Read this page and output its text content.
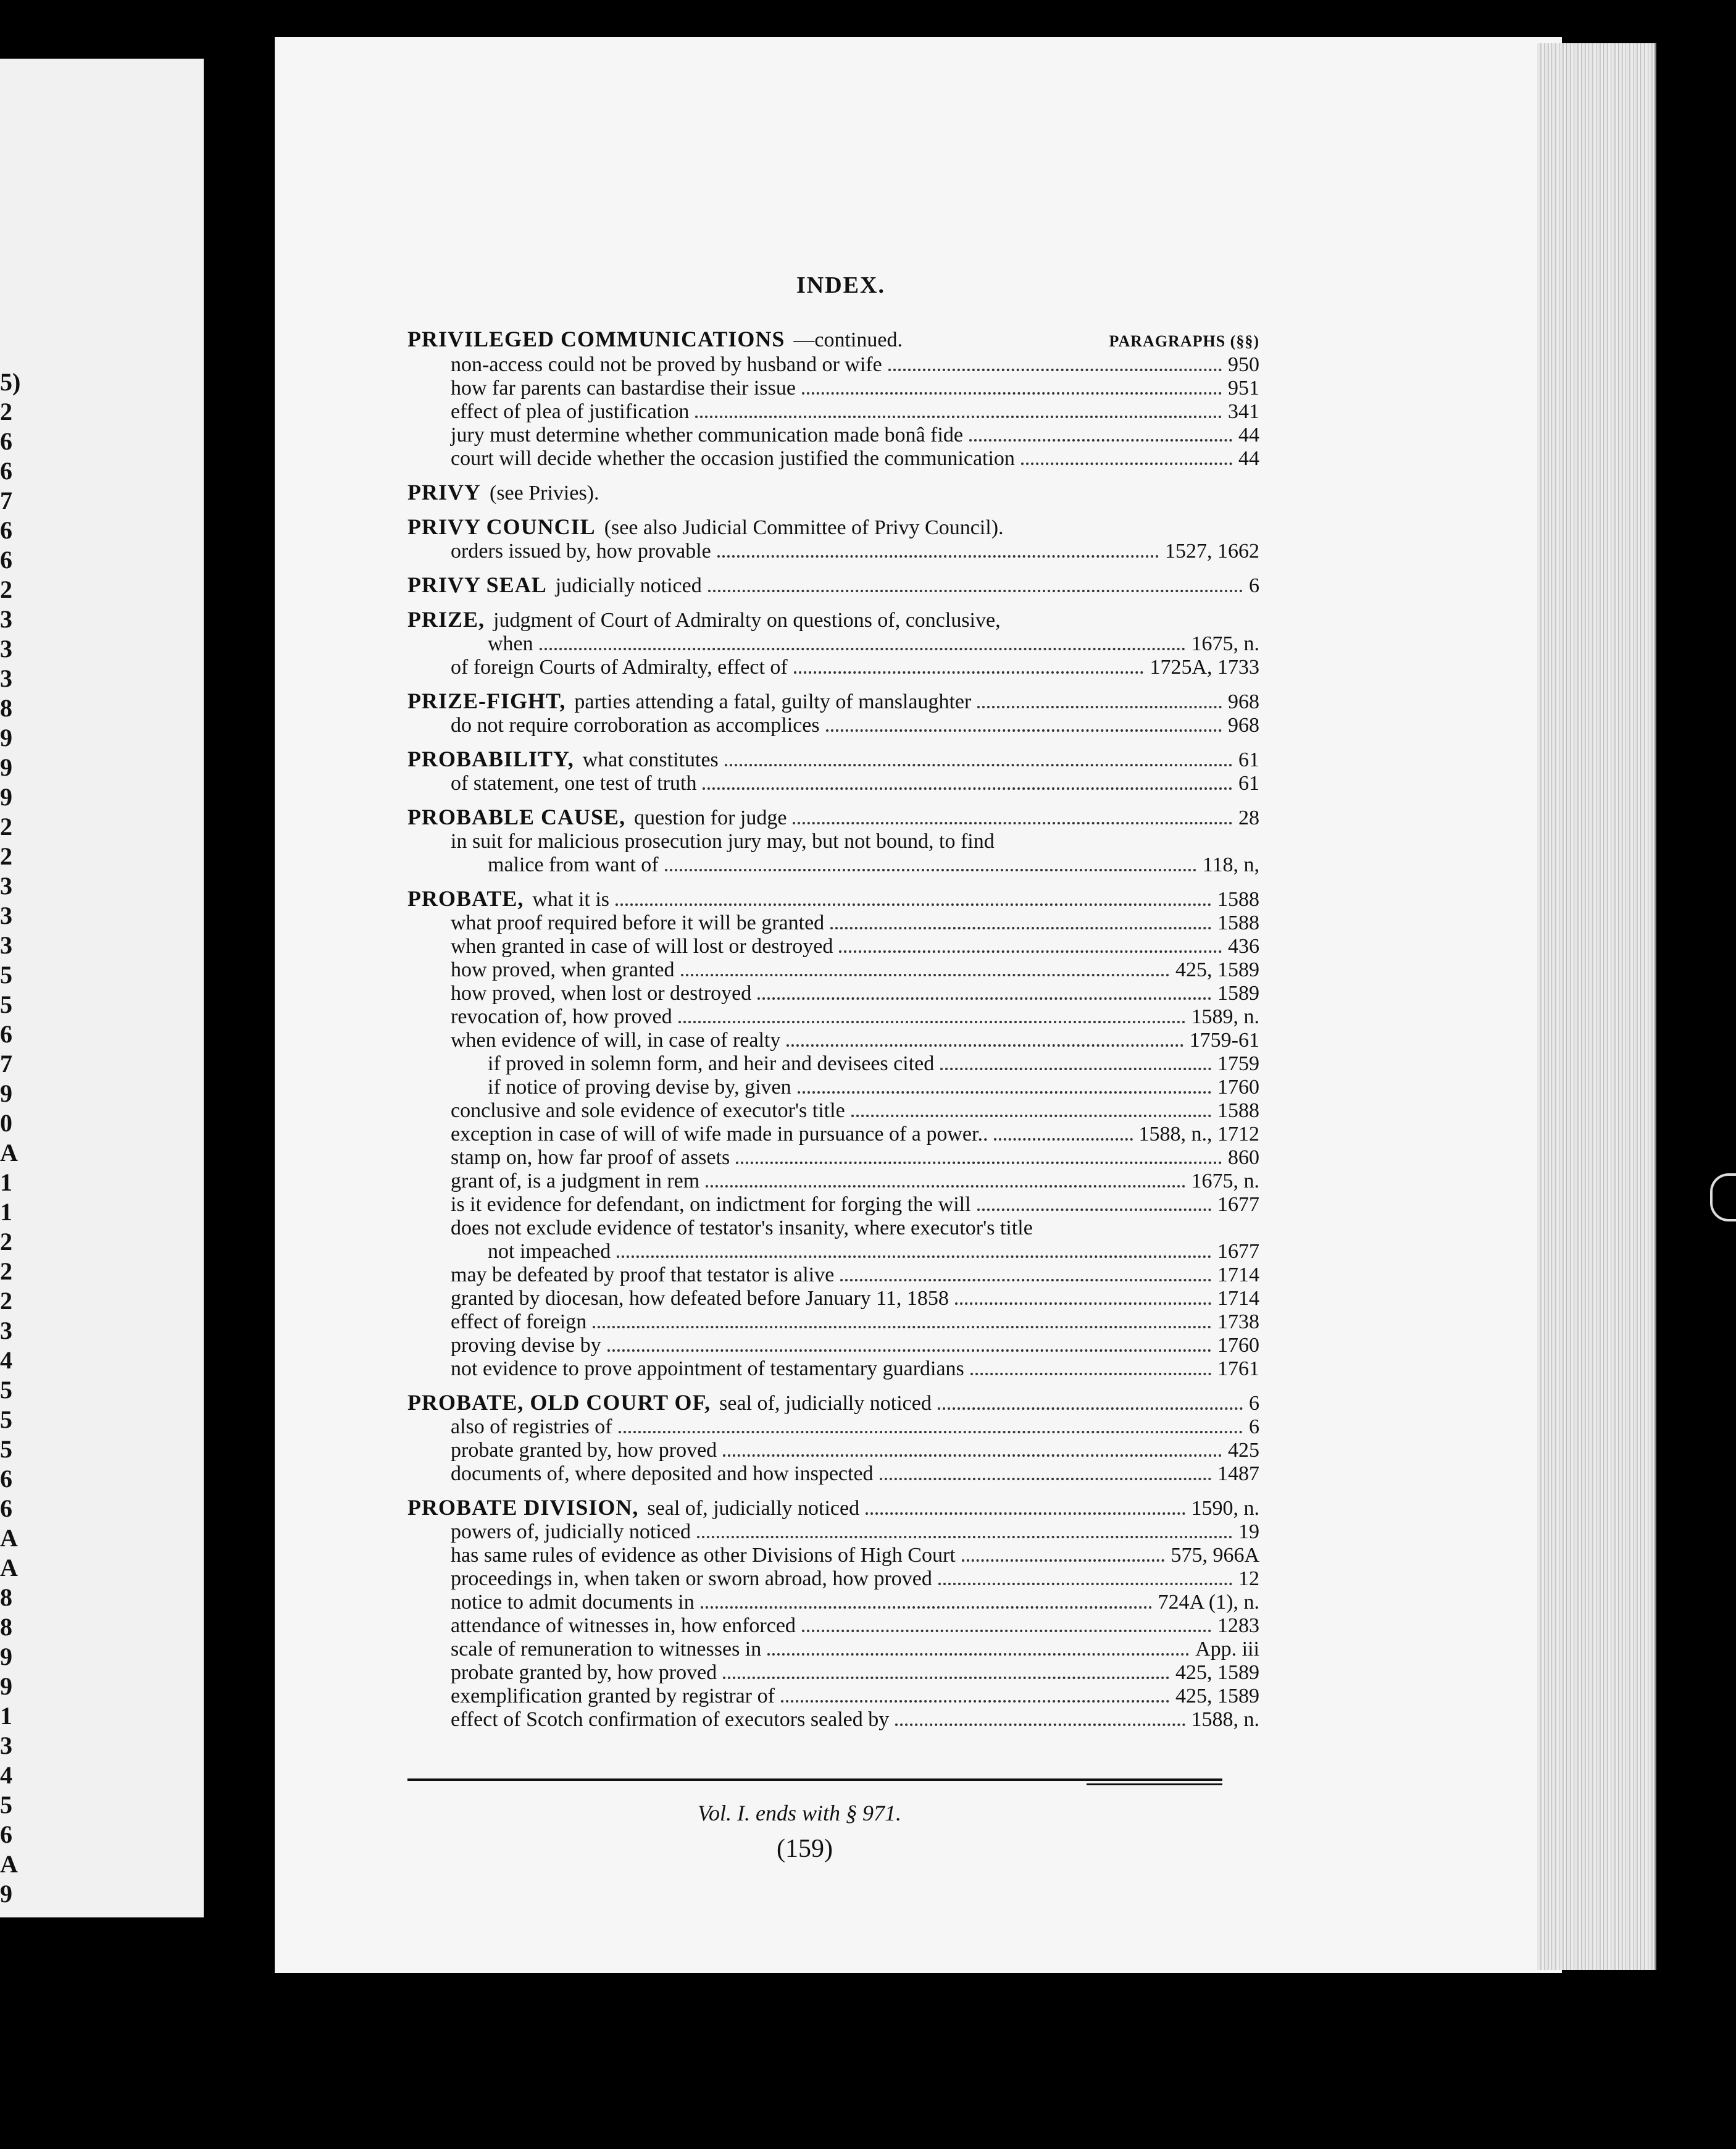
5)
2
6
6
7
6
6
2
3
3
3
8
9
9
9
2
2
3
3
3
5
5
6
7
9
0
A
1
1
2
2
2
3
4
5
5
5
6
6
A
A
8
8
9
9
1
3
4
5
6
A
9
INDEX.
PRIVILEGED COMMUNICATIONS —continued.	PARAGRAPHS (§§)
non-access could not be proved by husband or wife	950
how far parents can bastardise their issue	951
effect of plea of justification	341
jury must determine whether communication made bonâ fide	44
court will decide whether the occasion justified the communication	44
PRIVY (see Privies).
PRIVY COUNCIL (see also Judicial Committee of Privy Council).
orders issued by, how provable	1527, 1662
PRIVY SEAL judicially noticed	6
PRIZE, judgment of Court of Admiralty on questions of, conclusive,
when	1675, n.
of foreign Courts of Admiralty, effect of	1725A, 1733
PRIZE-FIGHT, parties attending a fatal, guilty of manslaughter	968
do not require corroboration as accomplices	968
PROBABILITY, what constitutes	61
of statement, one test of truth	61
PROBABLE CAUSE, question for judge	28
in suit for malicious prosecution jury may, but not bound, to find
malice from want of	118, n,
PROBATE, what it is	1588
what proof required before it will be granted	1588
when granted in case of will lost or destroyed	436
how proved, when granted	425, 1589
how proved, when lost or destroyed	1589
revocation of, how proved	1589, n.
when evidence of will, in case of realty	1759-61
if proved in solemn form, and heir and devisees cited	1759
if notice of proving devise by, given	1760
conclusive and sole evidence of executor's title	1588
exception in case of will of wife made in pursuance of a power..	1588, n., 1712
stamp on, how far proof of assets	860
grant of, is a judgment in rem	1675, n.
is it evidence for defendant, on indictment for forging the will	1677
does not exclude evidence of testator's insanity, where executor's title
not impeached	1677
may be defeated by proof that testator is alive	1714
granted by diocesan, how defeated before January 11, 1858	1714
effect of foreign	1738
proving devise by	1760
not evidence to prove appointment of testamentary guardians	1761
PROBATE, OLD COURT OF, seal of, judicially noticed	6
also of registries of	6
probate granted by, how proved	425
documents of, where deposited and how inspected	1487
PROBATE DIVISION, seal of, judicially noticed	1590, n.
powers of, judicially noticed	19
has same rules of evidence as other Divisions of High Court	575, 966A
proceedings in, when taken or sworn abroad, how proved	12
notice to admit documents in	724A (1), n.
attendance of witnesses in, how enforced	1283
scale of remuneration to witnesses in	App. iii
probate granted by, how proved	425, 1589
exemplification granted by registrar of	425, 1589
effect of Scotch confirmation of executors sealed by	1588, n.
Vol. I. ends with § 971.
(159)
